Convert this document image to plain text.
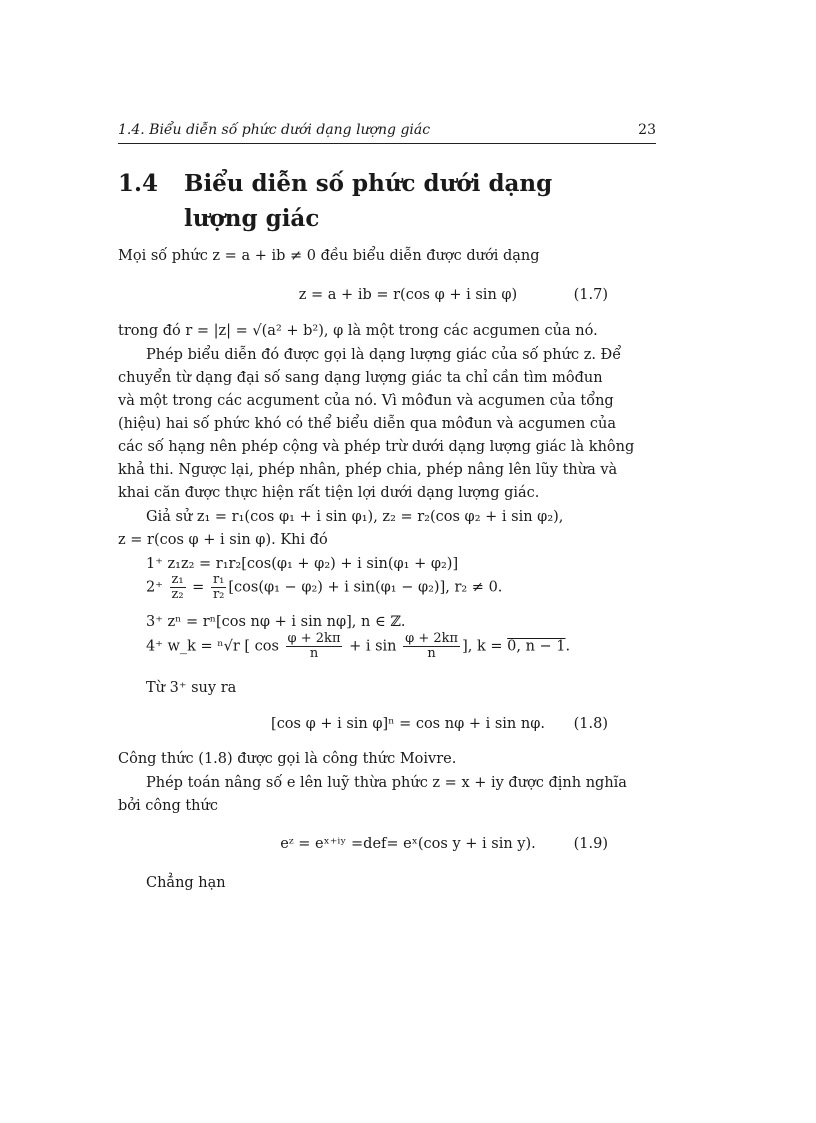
1.4. Biểu diễn số phức dưới dạng lượng giác	23
1.4 Biểu diễn số phức dưới dạng lượng giác
Mọi số phức z = a + ib ≠ 0 đều biểu diễn được dưới dạng
z = a + ib = r(cos φ + i sin φ)	(1.7)
trong đó r = |z| = √(a² + b²), φ là một trong các acgumen của nó.
Phép biểu diễn đó được gọi là dạng lượng giác của số phức z. Để
chuyển từ dạng đại số sang dạng lượng giác ta chỉ cần tìm môđun
và một trong các acgument của nó. Vì môđun và acgumen của tổng
(hiệu) hai số phức khó có thể biểu diễn qua môđun và acgumen của
các số hạng nên phép cộng và phép trừ dưới dạng lượng giác là không
khả thi. Ngược lại, phép nhân, phép chia, phép nâng lên lũy thừa và
khai căn được thực hiện rất tiện lợi dưới dạng lượng giác.
Giả sử z₁ = r₁(cos φ₁ + i sin φ₁), z₂ = r₂(cos φ₂ + i sin φ₂),
z = r(cos φ + i sin φ). Khi đó
1⁺ z₁z₂ = r₁r₂[cos(φ₁ + φ₂) + i sin(φ₁ + φ₂)]
$2^+ \frac{\text{z₁}}{\text{z₂}} = \frac{\text{r₁}}{\text{r₂}} [\cos(\varphi_1 - \varphi_2) + i$ sin(φ₁ − φ₂)], r₂ ≠ 0.
3⁺ zⁿ = rⁿ[cos nφ + i sin nφ], n ∈ ℤ.
4⁺ w_k = ⁿ√r [ $\cos \frac{\varphi + 2k\pi}{n} + i$ $\sin \frac{\varphi + 2k\pi}{n}$ ], k = 0, n − 1.
Từ 3⁺ suy ra
[cos φ + i sin φ]ⁿ = cos nφ + i sin nφ.	(1.8)
Công thức (1.8) được gọi là công thức Moivre.
Phép toán nâng số e lên luỹ thừa phức z = x + iy được định nghĩa
bởi công thức
eᶻ = eˣ⁺ⁱʸ =def= eˣ(cos y + i sin y).	(1.9)
Chẳng hạn
